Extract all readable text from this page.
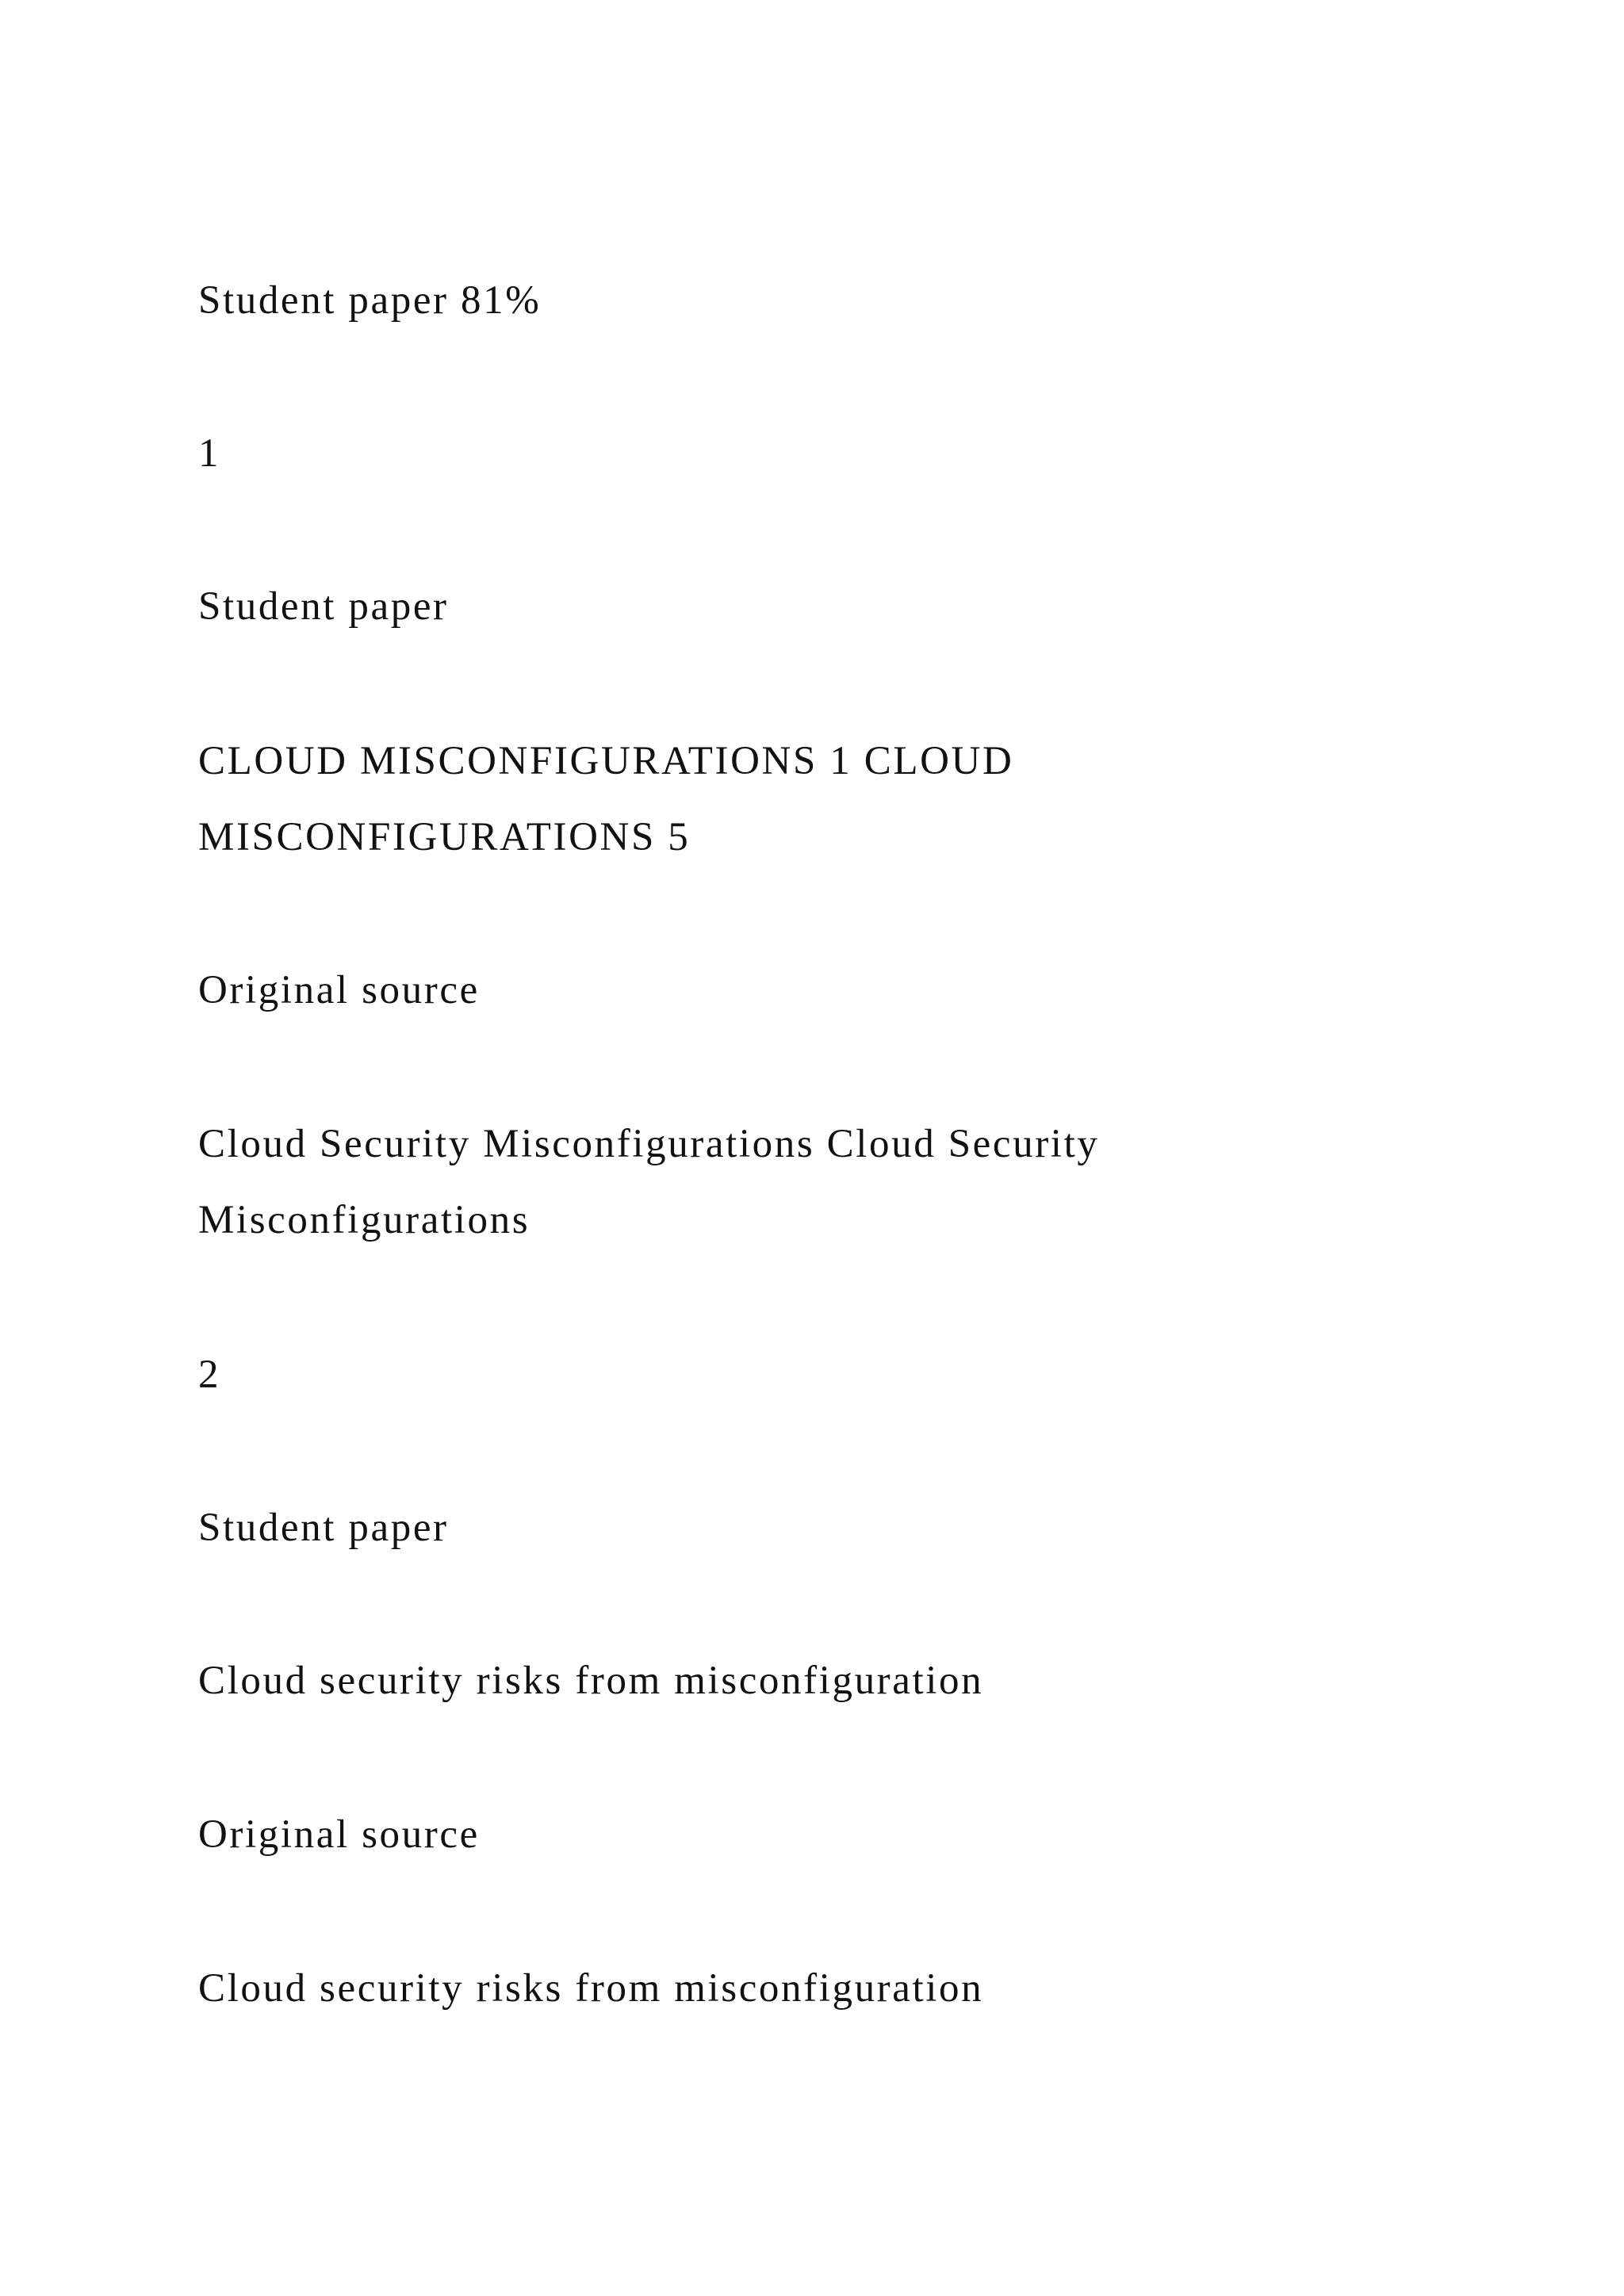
Student paper 81%

1

Student paper

CLOUD MISCONFIGURATIONS 1 CLOUD MISCONFIGURATIONS 5

Original source

Cloud Security Misconfigurations Cloud Security Misconfigurations

2

Student paper

Cloud security risks from misconfiguration

Original source

Cloud security risks from misconfiguration
